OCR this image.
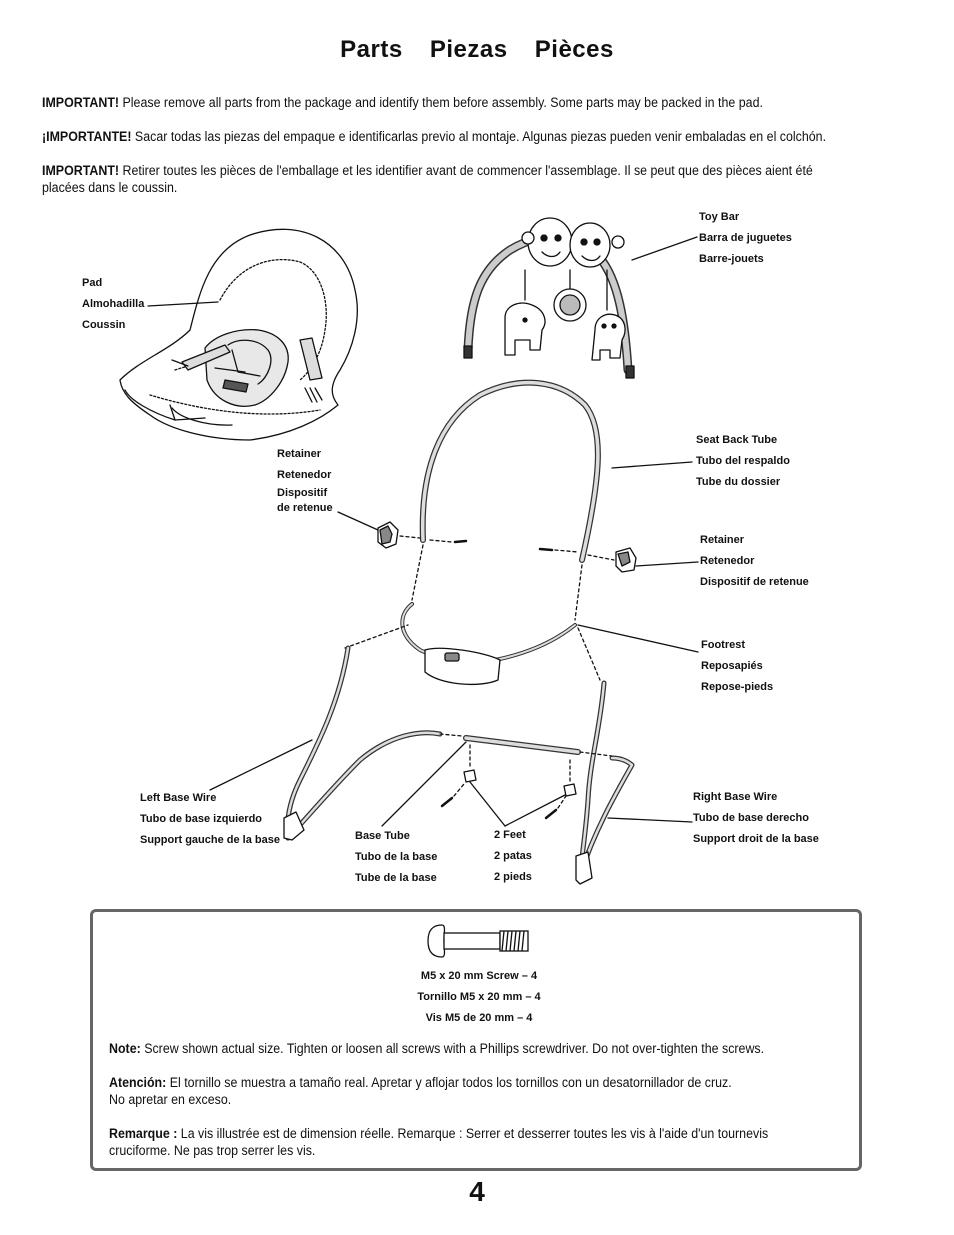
Parts Piezas Pièces
IMPORTANT! Please remove all parts from the package and identify them before assembly. Some parts may be packed in the pad.
¡IMPORTANTE! Sacar todas las piezas del empaque e identificarlas previo al montaje. Algunas piezas pueden venir embaladas en el colchón.
IMPORTANT! Retirer toutes les pièces de l'emballage et les identifier avant de commencer l'assemblage. Il se peut que des pièces aient été placées dans le coussin.
Toy Bar
Barra de juguetes
Barre-jouets
Pad
Almohadilla
Coussin
Seat Back Tube
Tubo del respaldo
Tube du dossier
Retainer
Retenedor
Dispositif
de retenue
Retainer
Retenedor
Dispositif de retenue
Footrest
Reposapiés
Repose-pieds
Left Base Wire
Tubo de base izquierdo
Support gauche de la base
Right Base Wire
Tubo de base derecho
Support droit de la base
Base Tube
Tubo de la base
Tube de la base
2 Feet
2 patas
2 pieds
M5 x 20 mm Screw – 4
Tornillo M5 x 20 mm – 4
Vis M5 de 20 mm – 4
Note: Screw shown actual size. Tighten or loosen all screws with a Phillips screwdriver. Do not over-tighten the screws.
Atención: El tornillo se muestra a tamaño real. Apretar y aflojar todos los tornillos con un desatornillador de cruz.
No apretar en exceso.
Remarque : La vis illustrée est de dimension réelle. Remarque : Serrer et desserrer toutes les vis à l'aide d'un tournevis
cruciforme. Ne pas trop serrer les vis.
4
